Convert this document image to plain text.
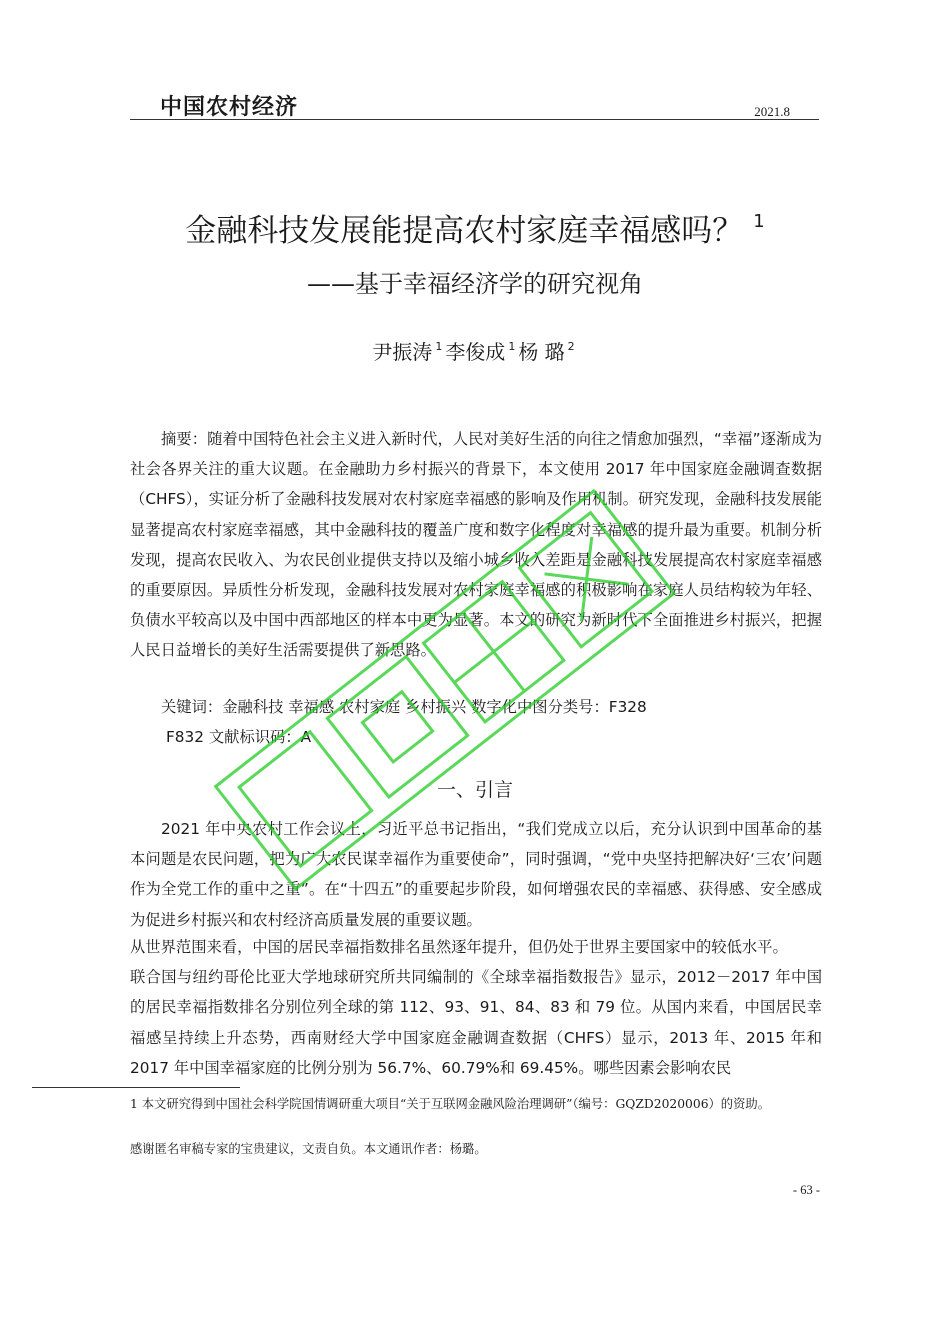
中国农村经济	2021.8
金融科技发展能提高农村家庭幸福感吗？ $^1$
——基于幸福经济学的研究视角
尹振涛 $^1$ 李俊成 $^1$ 杨 璐 $^2$

摘要：随着中国特色社会主义进入新时代，人民对美好生活的向往之情愈加强烈，“幸福”逐渐成为社会各界关注的重大议题。在金融助力乡村振兴的背景下，本文使用 2017 年中国家庭金融调查数据（CHFS），实证分析了金融科技发展对农村家庭幸福感的影响及作用机制。研究发现，金融科技发展能显著提高农村家庭幸福感，其中金融科技的覆盖广度和数字化程度对幸福感的提升最为重要。机制分析发现，提高农民收入、为农民创业提供支持以及缩小城乡收入差距是金融科技发展提高农村家庭幸福感的重要原因。异质性分析发现，金融科技发展对农村家庭幸福感的积极影响在家庭人员结构较为年轻、负债水平较高以及中国中西部地区的样本中更为显著。本文的研究为新时代下全面推进乡村振兴，把握人民日益增长的美好生活需要提供了新思路。

关键词：金融科技 幸福感 农村家庭 乡村振兴 数字化中图分类号：F328

F832 文献标识码：A

一、引言

2021 年中央农村工作会议上，习近平总书记指出，“我们党成立以后，充分认识到中国革命的基本问题是农民问题，把为广大农民谋幸福作为重要使命”，同时强调，“党中央坚持把解决好‘三农’问题作为全党工作的重中之重”。在“十四五”的重要起步阶段，如何增强农民的幸福感、获得感、安全感成为促进乡村振兴和农村经济高质量发展的重要议题。

从世界范围来看，中国的居民幸福指数排名虽然逐年提升，但仍处于世界主要国家中的较低水平。

联合国与纽约哥伦比亚大学地球研究所共同编制的《全球幸福指数报告》显示，2012－2017 年中国的居民幸福指数排名分别位列全球的第 112、93、91、84、83 和 79 位。从国内来看，中国居民幸福感呈持续上升态势，西南财经大学中国家庭金融调查数据（CHFS）显示，2013 年、2015 年和 2017 年中国幸福家庭的比例分别为 56.7%、60.79%和 69.45%。哪些因素会影响农民

1 本文研究得到中国社会科学院国情调研重大项目“关于互联网金融风险治理调研”（编号：GQZD2020006）的资助。
感谢匿名审稿专家的宝贵建议，文责自负。本文通讯作者：杨璐。
- 63 -
